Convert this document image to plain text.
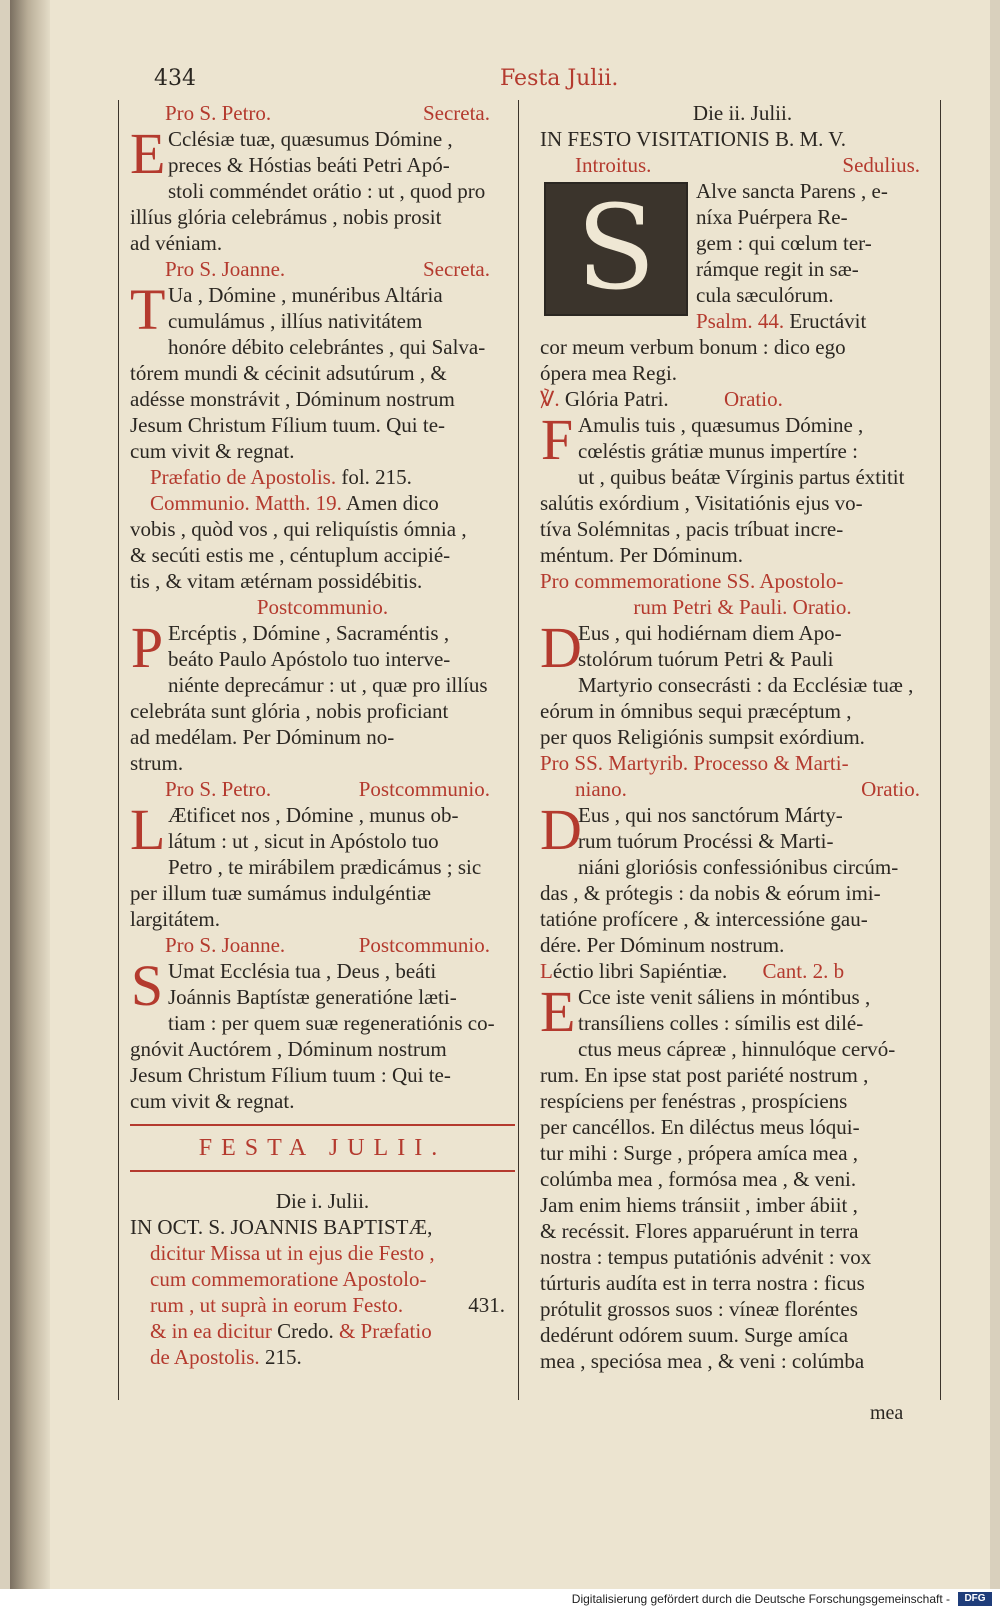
434	Festa Julii.
Pro S. Petro.	Secreta.
E Cclésiæ tuæ, quæsumus Dómine ,
preces & Hóstias beáti Petri Apó-
stoli comméndet orátio : ut , quod pro
illíus glória celebrámus , nobis prosit
ad véniam.
Pro S. Joanne.	Secreta.
T Ua , Dómine , munéribus Altária
cumulámus , illíus nativitátem
honóre débito celebrántes , qui Salva-
tórem mundi & cécinit adsutúrum , &
adésse monstrávit , Dóminum nostrum
Jesum Christum Fílium tuum. Qui te-
cum vivit & regnat.
Præfatio de Apostolis. fol. 215.
Communio. Matth. 19. Amen dico
vobis , quòd vos , qui reliquístis ómnia ,
& secúti estis me , céntuplum accipié-
tis , & vitam ætérnam possidébitis.
Postcommunio.
P Ercéptis , Dómine , Sacraméntis ,
beáto Paulo Apóstolo tuo interve-
niénte deprecámur : ut , quæ pro illíus
celebráta sunt glória , nobis proficiant
ad medélam. Per Dóminum no-
strum.
Pro S. Petro.	Postcommunio.
L Ætificet nos , Dómine , munus ob-
látum : ut , sicut in Apóstolo tuo
Petro , te mirábilem prædicámus ; sic
per illum tuæ sumámus indulgéntiæ
largitátem.
Pro S. Joanne.	Postcommunio.
S Umat Ecclésia tua , Deus , beáti
Joánnis Baptístæ generatióne læti-
tiam : per quem suæ regeneratiónis co-
gnóvit Auctórem , Dóminum nostrum
Jesum Christum Fílium tuum : Qui te-
cum vivit & regnat.
FESTA JULII.
Die i. Julii.
IN OCT. S. JOANNIS BAPTISTÆ,
dicitur Missa ut in ejus die Festo ,
cum commemoratione Apostolo-
rum , ut suprà in eorum Festo.	431.
& in ea dicitur Credo. & Præfatio
de Apostolis. 215.
Die ii. Julii.
IN FESTO VISITATIONIS B. M. V.
Introitus.	Sedulius.
S	Alve sancta Parens , e-
níxa Puérpera Re-
gem : qui cœlum ter-
rámque regit in sæ-
cula sæculórum.
Psalm. 44. Eructávit
cor meum verbum bonum : dico ego
ópera mea Regi.
℣. Glória Patri.	Oratio.
F Amulis tuis , quæsumus Dómine ,
cœléstis grátiæ munus impertíre :
ut , quibus beátæ Vírginis partus éxtitit
salútis exórdium , Visitatiónis ejus vo-
tíva Solémnitas , pacis tríbuat incre-
méntum. Per Dóminum.
Pro commemoratione SS. Apostolo-
rum Petri & Pauli. Oratio.
D
Eus , qui hodiérnam diem Apo-
stolórum tuórum Petri & Pauli
Martyrio consecrásti : da Ecclésiæ tuæ ,
eórum in ómnibus sequi præcéptum ,
per quos Religiónis sumpsit exórdium.
Pro SS. Martyrib. Processo & Marti-
niano.	Oratio.
D
Eus , qui nos sanctórum Márty-
rum tuórum Procéssi & Marti-
niáni gloriósis confessiónibus circúm-
das , & prótegis : da nobis & eórum imi-
tatióne profícere , & intercessióne gau-
dére. Per Dóminum nostrum.
Léctio libri Sapiéntiæ. Cant. 2. b
E Cce iste venit sáliens in móntibus ,
transíliens colles : símilis est dilé-
ctus meus cápreæ , hinnulóque cervó-
rum. En ipse stat post pariété nostrum ,
respíciens per fenéstras , prospíciens
per cancéllos. En diléctus meus lóqui-
tur mihi : Surge , própera amíca mea ,
colúmba mea , formósa mea , & veni.
Jam enim hiems tránsiit , imber ábiit ,
& recéssit. Flores apparuérunt in terra
nostra : tempus putatiónis advénit : vox
túrturis audíta est in terra nostra : ficus
prótulit grossos suos : víneæ floréntes
dedérunt odórem suum. Surge amíca
mea , speciósa mea , & veni : colúmba
mea
Digitalisierung gefördert durch die Deutsche Forschungsgemeinschaft -	DFG
